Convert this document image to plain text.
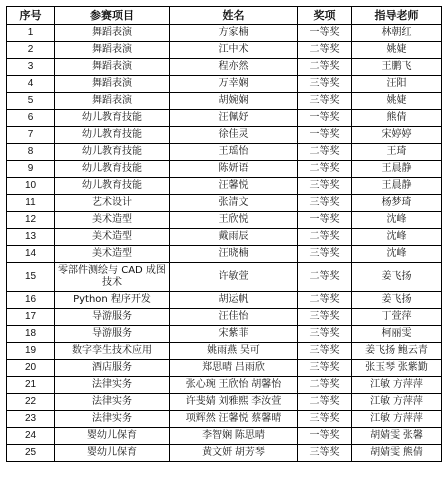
序号	参赛项目	姓名	奖项	指导老师
1	舞蹈表演	方家楠	一等奖	林朝红
2	舞蹈表演	江中术	二等奖	姚婕
3	舞蹈表演	程亦然	二等奖	王鹏飞
4	舞蹈表演	万幸娴	三等奖	汪阳
5	舞蹈表演	胡婉娴	三等奖	姚婕
6	幼儿教育技能	汪佩妤	一等奖	熊倩
7	幼儿教育技能	徐佳灵	一等奖	宋婷婷
8	幼儿教育技能	王瑶怡	二等奖	王琦
9	幼儿教育技能	陈妍语	二等奖	王晨静
10	幼儿教育技能	汪馨悦	三等奖	王晨静
11	艺术设计	张清文	三等奖	杨梦琦
12	美术造型	王欣悦	一等奖	沈峰
13	美术造型	戴雨辰	二等奖	沈峰
14	美术造型	汪晓楠	三等奖	沈峰
15	零部件测绘与 CAD 成图技术	许敏萱	二等奖	姜飞扬
16	Python 程序开发	胡运帆	二等奖	姜飞扬
17	导游服务	汪佳怡	三等奖	丁萱萍
18	导游服务	宋紫菲	三等奖	柯丽雯
19	数字孪生技术应用	姚雨燕 吴可	三等奖	姜飞扬 鲍云青
20	酒店服务	郑思晴 吕雨欣	三等奖	张玉琴 张紫勤
21	法律实务	张心琬 王欣怡 胡馨怡	二等奖	江敏 方萍萍
22	法律实务	许斐婧 刘雅熙 李汝萱	二等奖	江敏 方萍萍
23	法律实务	项辉然 汪馨悦 蔡馨晴	三等奖	江敏 方萍萍
24	婴幼儿保育	李智娴 陈思晴	一等奖	胡婧雯 张馨
25	婴幼儿保育	黄文妍 胡芳琴	三等奖	胡婧雯 熊倩
